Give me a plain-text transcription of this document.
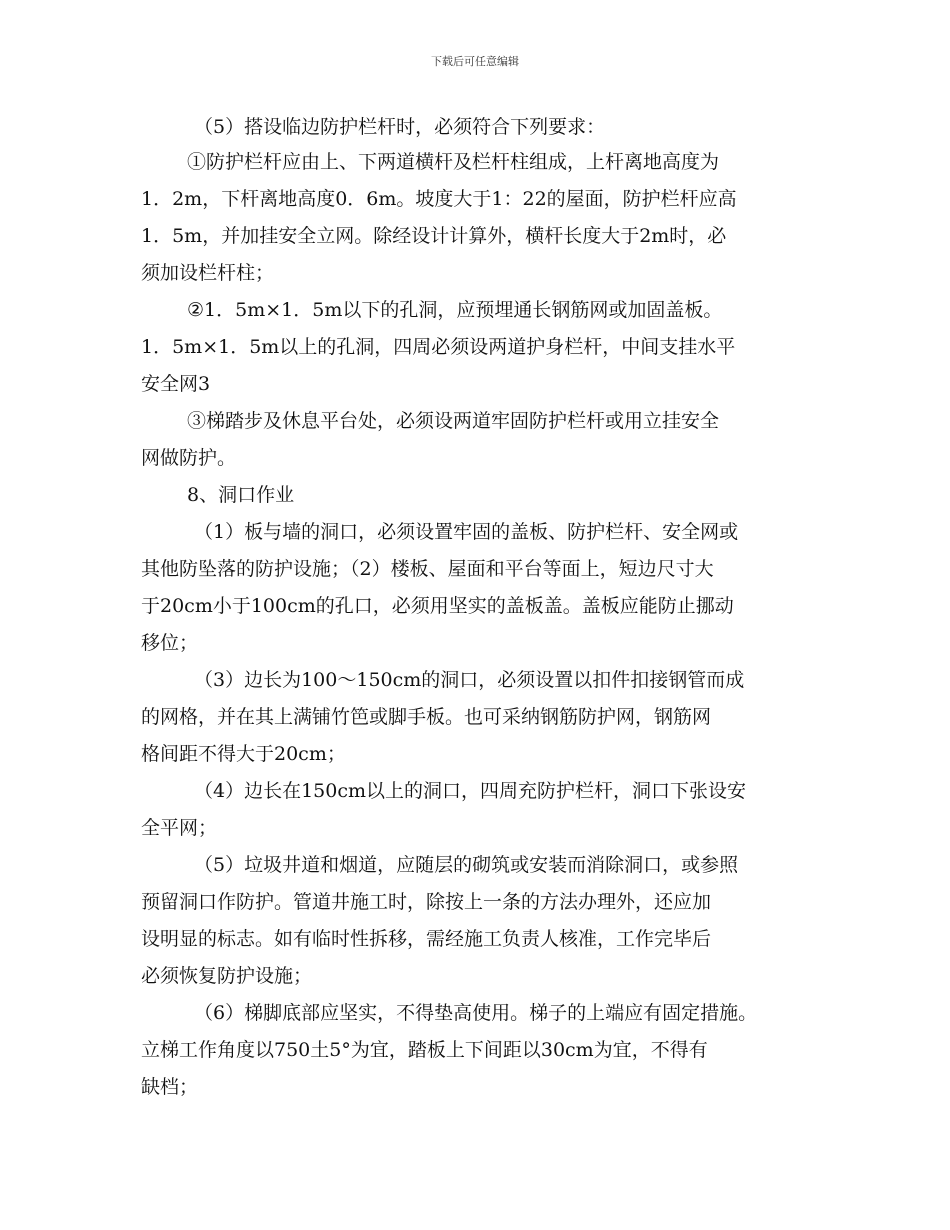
下载后可任意编辑
（5）搭设临边防护栏杆时，必须符合下列要求：
①防护栏杆应由上、下两道横杆及栏杆柱组成，上杆离地高度为
1．2m，下杆离地高度0．6m。坡度大于1：22的屋面，防护栏杆应高
1．5m，并加挂安全立网。除经设计计算外，横杆长度大于2m时，必
须加设栏杆柱；
②1．5m×1．5m以下的孔洞，应预埋通长钢筋网或加固盖板。
1．5m×1．5m以上的孔洞，四周必须设两道护身栏杆，中间支挂水平
安全网3
③梯踏步及休息平台处，必须设两道牢固防护栏杆或用立挂安全
网做防护。
8、洞口作业
（1）板与墙的洞口，必须设置牢固的盖板、防护栏杆、安全网或
其他防坠落的防护设施；（2）楼板、屋面和平台等面上，短边尺寸大
于20cm小于100cm的孔口，必须用坚实的盖板盖。盖板应能防止挪动
移位；
（3）边长为100～150cm的洞口，必须设置以扣件扣接钢管而成
的网格，并在其上满铺竹笆或脚手板。也可采纳钢筋防护网，钢筋网
格间距不得大于20cm；
（4）边长在150cm以上的洞口，四周充防护栏杆，洞口下张设安
全平网；
（5）垃圾井道和烟道，应随层的砌筑或安装而消除洞口，或参照
预留洞口作防护。管道井施工时，除按上一条的方法办理外，还应加
设明显的标志。如有临时性拆移，需经施工负责人核准，工作完毕后
必须恢复防护设施；
（6）梯脚底部应坚实，不得垫高使用。梯子的上端应有固定措施。
立梯工作角度以750土5°为宜，踏板上下间距以30cm为宜，不得有
缺档；
